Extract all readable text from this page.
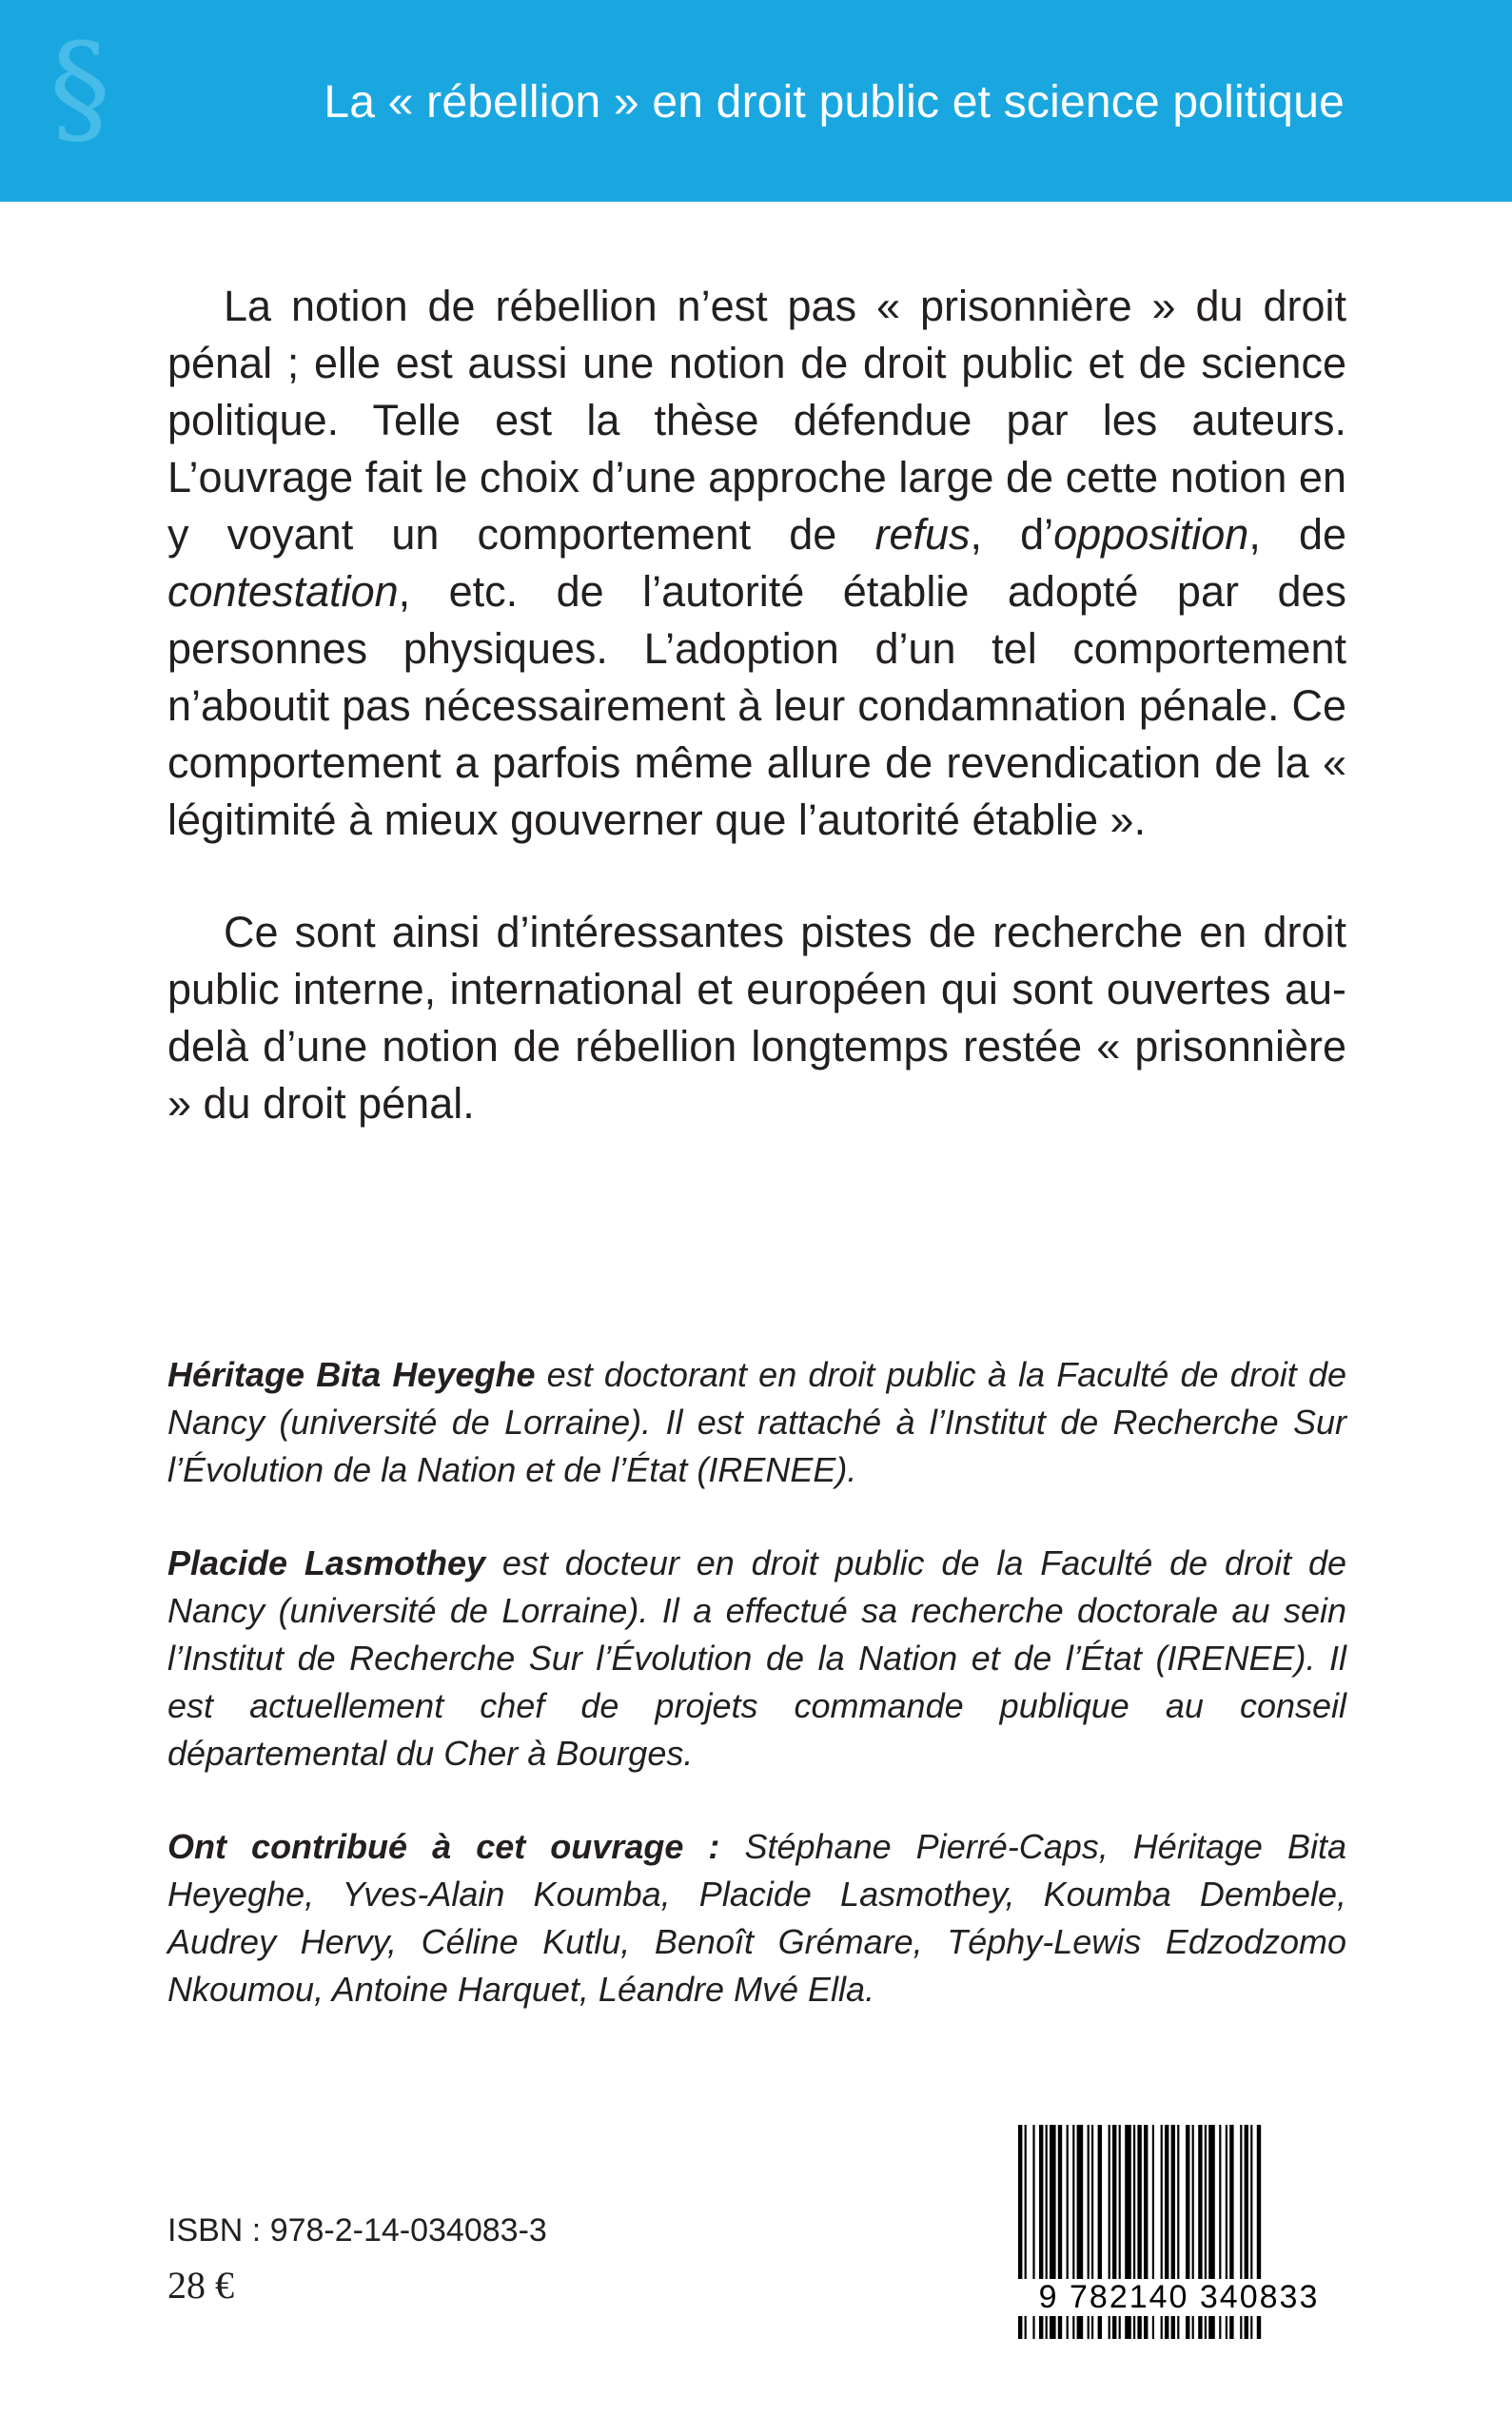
§	La « rébellion » en droit public et science politique

La notion de rébellion n’est pas « prisonnière » du droit pénal ; elle est aussi une notion de droit public et de science politique. Telle est la thèse défendue par les auteurs. L’ouvrage fait le choix d’une approche large de cette notion en y voyant un comportement de refus, d’opposition, de contestation, etc. de l’autorité établie adopté par des personnes physiques. L’adoption d’un tel comportement n’aboutit pas nécessairement à leur condamnation pénale. Ce comportement a parfois même allure de revendication de la « légitimité à mieux gouverner que l’autorité établie ».

Ce sont ainsi d’intéressantes pistes de recherche en droit public interne, international et européen qui sont ouvertes au-delà d’une notion de rébellion longtemps restée « prisonnière » du droit pénal.

Héritage Bita Heyeghe est doctorant en droit public à la Faculté de droit de Nancy (université de Lorraine). Il est rattaché à l’Institut de Recherche Sur l’Évolution de la Nation et de l’État (IRENEE).

Placide Lasmothey est docteur en droit public de la Faculté de droit de Nancy (université de Lorraine). Il a effectué sa recherche doctorale au sein l’Institut de Recherche Sur l’Évolution de la Nation et de l’État (IRENEE). Il est actuellement chef de projets commande publique au conseil départemental du Cher à Bourges.

Ont contribué à cet ouvrage : Stéphane Pierré-Caps, Héritage Bita Heyeghe, Yves-Alain Koumba, Placide Lasmothey, Koumba Dembele, Audrey Hervy, Céline Kutlu, Benoît Grémare, Téphy-Lewis Edzodzomo Nkoumou, Antoine Harquet, Léandre Mvé Ella.

ISBN : 978-2-14-034083-3
28 €	9 782140 340833
